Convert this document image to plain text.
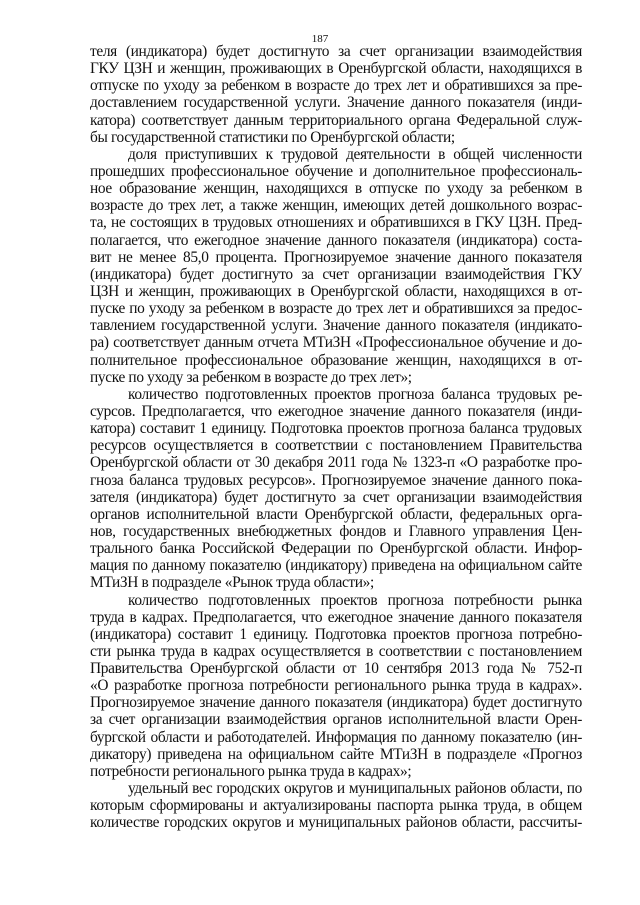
187

теля (индикатора) будет достигнуто за счет организации взаимодействия
ГКУ ЦЗН и женщин, проживающих в Оренбургской области, находящихся в
отпуске по уходу за ребенком в возрасте до трех лет и обратившихся за пре-
доставлением государственной услуги. Значение данного показателя (инди-
катора) соответствует данным территориального органа Федеральной служ-
бы государственной статистики по Оренбургской области;

доля приступивших к трудовой деятельности в общей численности
прошедших профессиональное обучение и дополнительное профессиональ-
ное образование женщин, находящихся в отпуске по уходу за ребенком в
возрасте до трех лет, а также женщин, имеющих детей дошкольного возрас-
та, не состоящих в трудовых отношениях и обратившихся в ГКУ ЦЗН. Пред-
полагается, что ежегодное значение данного показателя (индикатора) соста-
вит не менее 85,0 процента. Прогнозируемое значение данного показателя
(индикатора) будет достигнуто за счет организации взаимодействия ГКУ
ЦЗН и женщин, проживающих в Оренбургской области, находящихся в от-
пуске по уходу за ребенком в возрасте до трех лет и обратившихся за предос-
тавлением государственной услуги. Значение данного показателя (индикато-
ра) соответствует данным отчета МТиЗН «Профессиональное обучение и до-
полнительное профессиональное образование женщин, находящихся в от-
пуске по уходу за ребенком в возрасте до трех лет»;

количество подготовленных проектов прогноза баланса трудовых ре-
сурсов. Предполагается, что ежегодное значение данного показателя (инди-
катора) составит 1 единицу. Подготовка проектов прогноза баланса трудовых
ресурсов осуществляется в соответствии с постановлением Правительства
Оренбургской области от 30 декабря 2011 года № 1323-п «О разработке про-
гноза баланса трудовых ресурсов». Прогнозируемое значение данного пока-
зателя (индикатора) будет достигнуто за счет организации взаимодействия
органов исполнительной власти Оренбургской области, федеральных орга-
нов, государственных внебюджетных фондов и Главного управления Цен-
трального банка Российской Федерации по Оренбургской области. Инфор-
мация по данному показателю (индикатору) приведена на официальном сайте
МТиЗН в подразделе «Рынок труда области»;

количество подготовленных проектов прогноза потребности рынка
труда в кадрах. Предполагается, что ежегодное значение данного показателя
(индикатора) составит 1 единицу. Подготовка проектов прогноза потребно-
сти рынка труда в кадрах осуществляется в соответствии с постановлением
Правительства Оренбургской области от 10 сентября 2013 года № 752-п
«О разработке прогноза потребности регионального рынка труда в кадрах».
Прогнозируемое значение данного показателя (индикатора) будет достигнуто
за счет организации взаимодействия органов исполнительной власти Орен-
бургской области и работодателей. Информация по данному показателю (ин-
дикатору) приведена на официальном сайте МТиЗН в подразделе «Прогноз
потребности регионального рынка труда в кадрах»;

удельный вес городских округов и муниципальных районов области, по
которым сформированы и актуализированы паспорта рынка труда, в общем
количестве городских округов и муниципальных районов области, рассчиты-
